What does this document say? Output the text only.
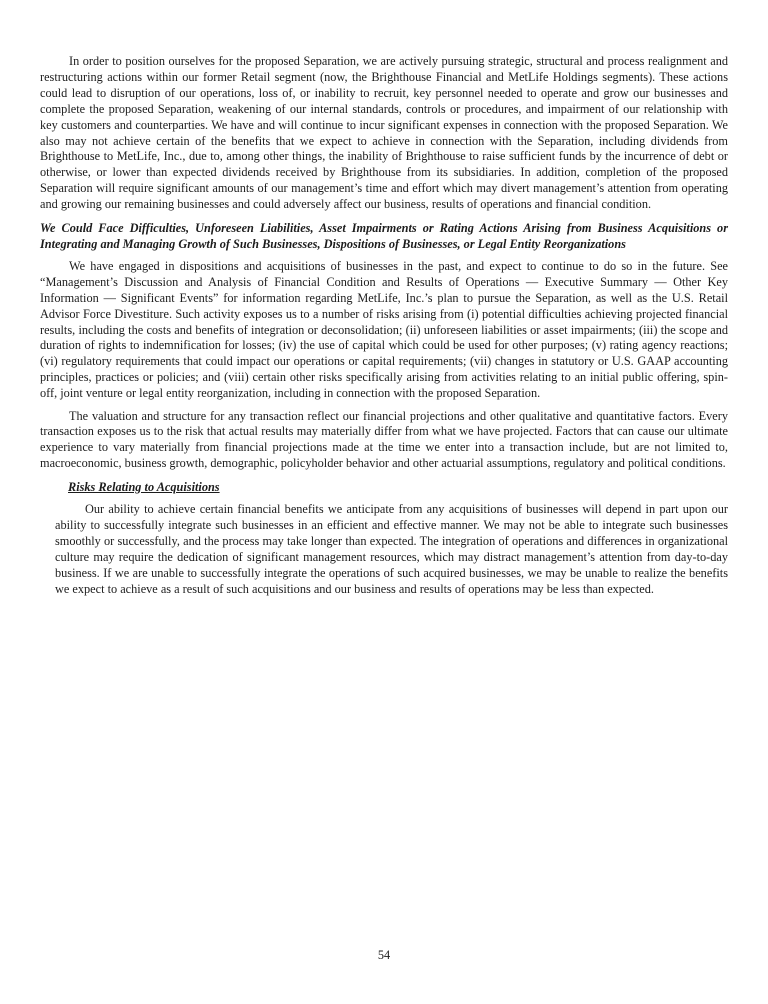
In order to position ourselves for the proposed Separation, we are actively pursuing strategic, structural and process realignment and restructuring actions within our former Retail segment (now, the Brighthouse Financial and MetLife Holdings segments). These actions could lead to disruption of our operations, loss of, or inability to recruit, key personnel needed to operate and grow our businesses and complete the proposed Separation, weakening of our internal standards, controls or procedures, and impairment of our relationship with key customers and counterparties. We have and will continue to incur significant expenses in connection with the proposed Separation. We also may not achieve certain of the benefits that we expect to achieve in connection with the Separation, including dividends from Brighthouse to MetLife, Inc., due to, among other things, the inability of Brighthouse to raise sufficient funds by the incurrence of debt or otherwise, or lower than expected dividends received by Brighthouse from its subsidiaries. In addition, completion of the proposed Separation will require significant amounts of our management’s time and effort which may divert management’s attention from operating and growing our remaining businesses and could adversely affect our business, results of operations and financial condition.

We Could Face Difficulties, Unforeseen Liabilities, Asset Impairments or Rating Actions Arising from Business Acquisitions or Integrating and Managing Growth of Such Businesses, Dispositions of Businesses, or Legal Entity Reorganizations

We have engaged in dispositions and acquisitions of businesses in the past, and expect to continue to do so in the future. See “Management’s Discussion and Analysis of Financial Condition and Results of Operations — Executive Summary — Other Key Information — Significant Events” for information regarding MetLife, Inc.’s plan to pursue the Separation, as well as the U.S. Retail Advisor Force Divestiture. Such activity exposes us to a number of risks arising from (i) potential difficulties achieving projected financial results, including the costs and benefits of integration or deconsolidation; (ii) unforeseen liabilities or asset impairments; (iii) the scope and duration of rights to indemnification for losses; (iv) the use of capital which could be used for other purposes; (v) rating agency reactions; (vi) regulatory requirements that could impact our operations or capital requirements; (vii) changes in statutory or U.S. GAAP accounting principles, practices or policies; and (viii) certain other risks specifically arising from activities relating to an initial public offering, spin-off, joint venture or legal entity reorganization, including in connection with the proposed Separation.

The valuation and structure for any transaction reflect our financial projections and other qualitative and quantitative factors. Every transaction exposes us to the risk that actual results may materially differ from what we have projected. Factors that can cause our ultimate experience to vary materially from financial projections made at the time we enter into a transaction include, but are not limited to, macroeconomic, business growth, demographic, policyholder behavior and other actuarial assumptions, regulatory and political conditions.

Risks Relating to Acquisitions

Our ability to achieve certain financial benefits we anticipate from any acquisitions of businesses will depend in part upon our ability to successfully integrate such businesses in an efficient and effective manner. We may not be able to integrate such businesses smoothly or successfully, and the process may take longer than expected. The integration of operations and differences in organizational culture may require the dedication of significant management resources, which may distract management’s attention from day-to-day business. If we are unable to successfully integrate the operations of such acquired businesses, we may be unable to realize the benefits we expect to achieve as a result of such acquisitions and our business and results of operations may be less than expected.

54
